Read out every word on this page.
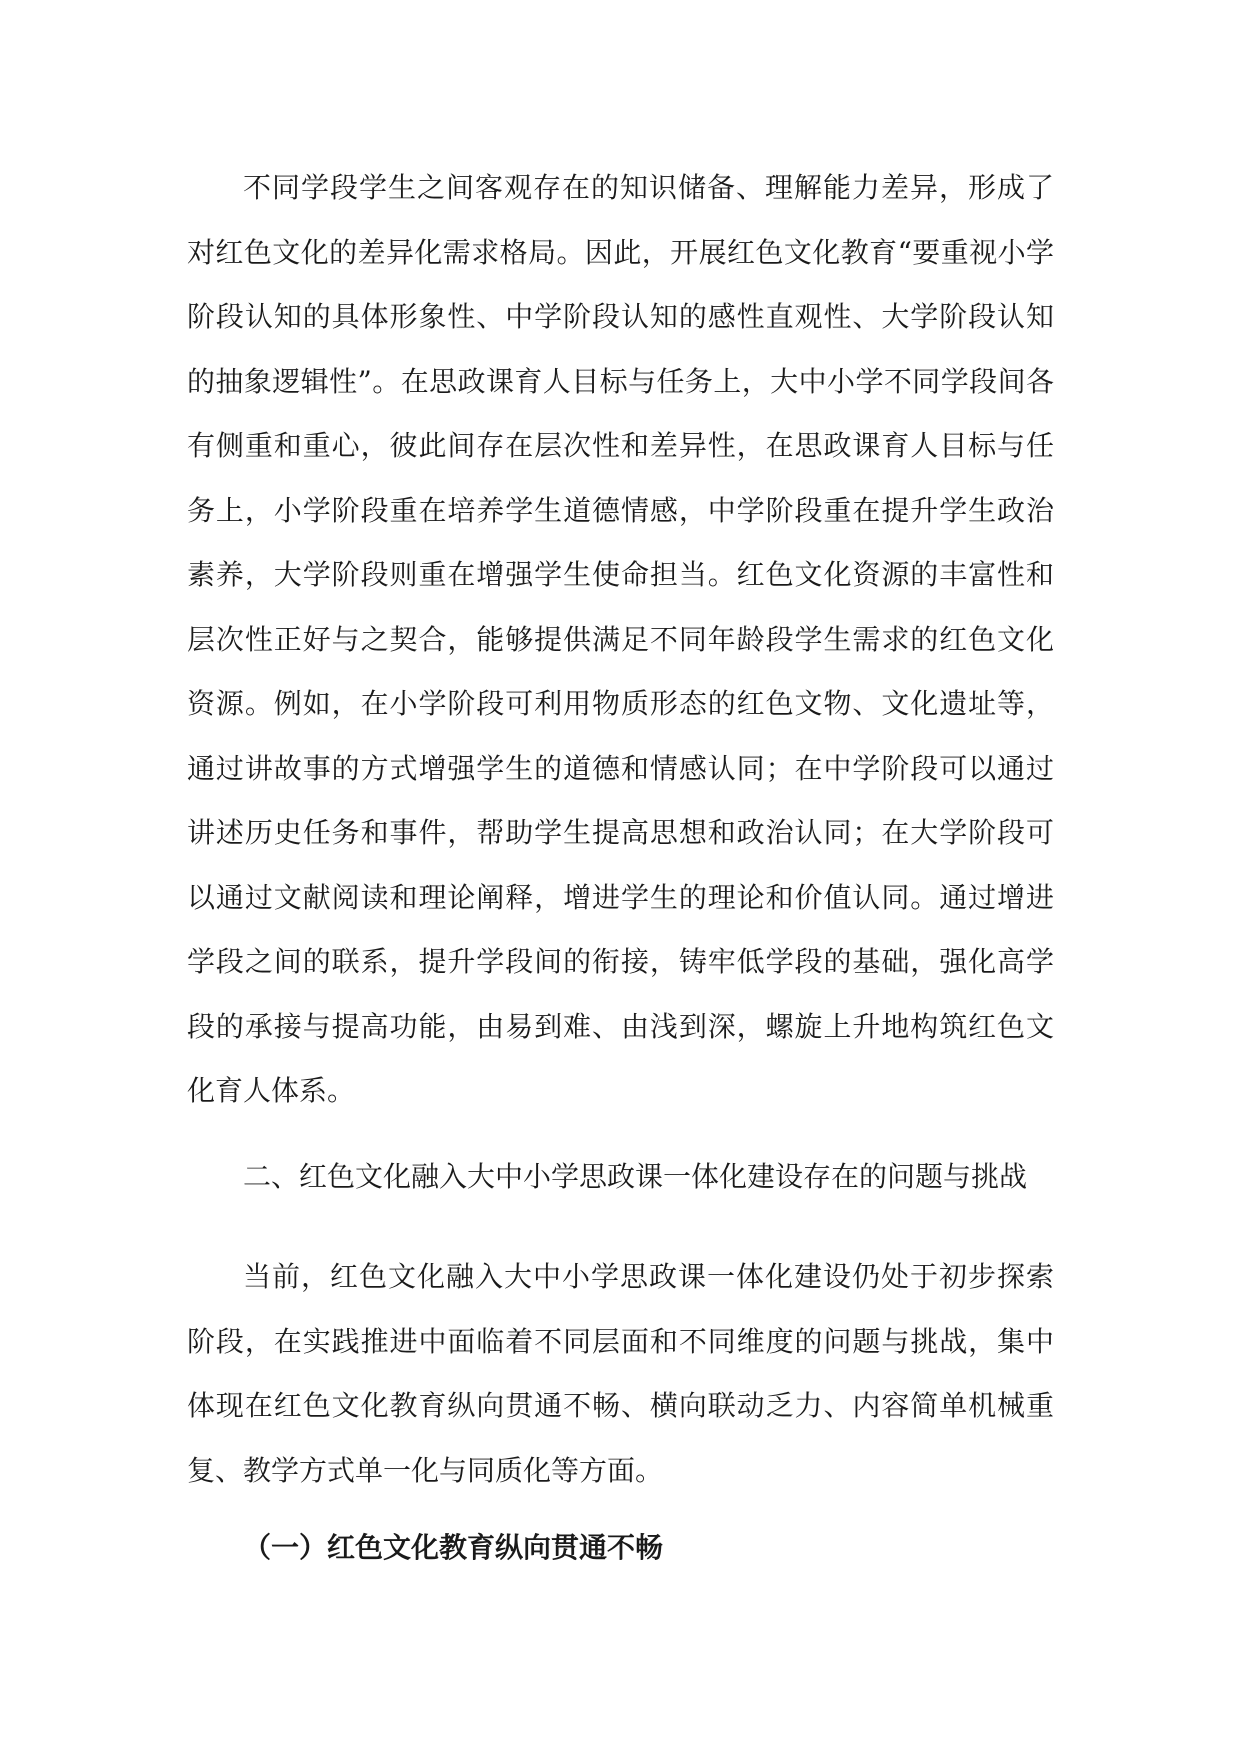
不同学段学生之间客观存在的知识储备、理解能力差异，形成了对红色文化的差异化需求格局。因此，开展红色文化教育“要重视小学阶段认知的具体形象性、中学阶段认知的感性直观性、大学阶段认知的抽象逻辑性”。在思政课育人目标与任务上，大中小学不同学段间各有侧重和重心，彼此间存在层次性和差异性，在思政课育人目标与任务上，小学阶段重在培养学生道德情感，中学阶段重在提升学生政治素养，大学阶段则重在增强学生使命担当。红色文化资源的丰富性和层次性正好与之契合，能够提供满足不同年龄段学生需求的红色文化资源。例如，在小学阶段可利用物质形态的红色文物、文化遗址等，通过讲故事的方式增强学生的道德和情感认同；在中学阶段可以通过讲述历史任务和事件，帮助学生提高思想和政治认同；在大学阶段可以通过文献阅读和理论阐释，增进学生的理论和价值认同。通过增进学段之间的联系，提升学段间的衔接，铸牢低学段的基础，强化高学段的承接与提高功能，由易到难、由浅到深，螺旋上升地构筑红色文化育人体系。

二、红色文化融入大中小学思政课一体化建设存在的问题与挑战

当前，红色文化融入大中小学思政课一体化建设仍处于初步探索阶段，在实践推进中面临着不同层面和不同维度的问题与挑战，集中体现在红色文化教育纵向贯通不畅、横向联动乏力、内容简单机械重复、教学方式单一化与同质化等方面。

（一）红色文化教育纵向贯通不畅
